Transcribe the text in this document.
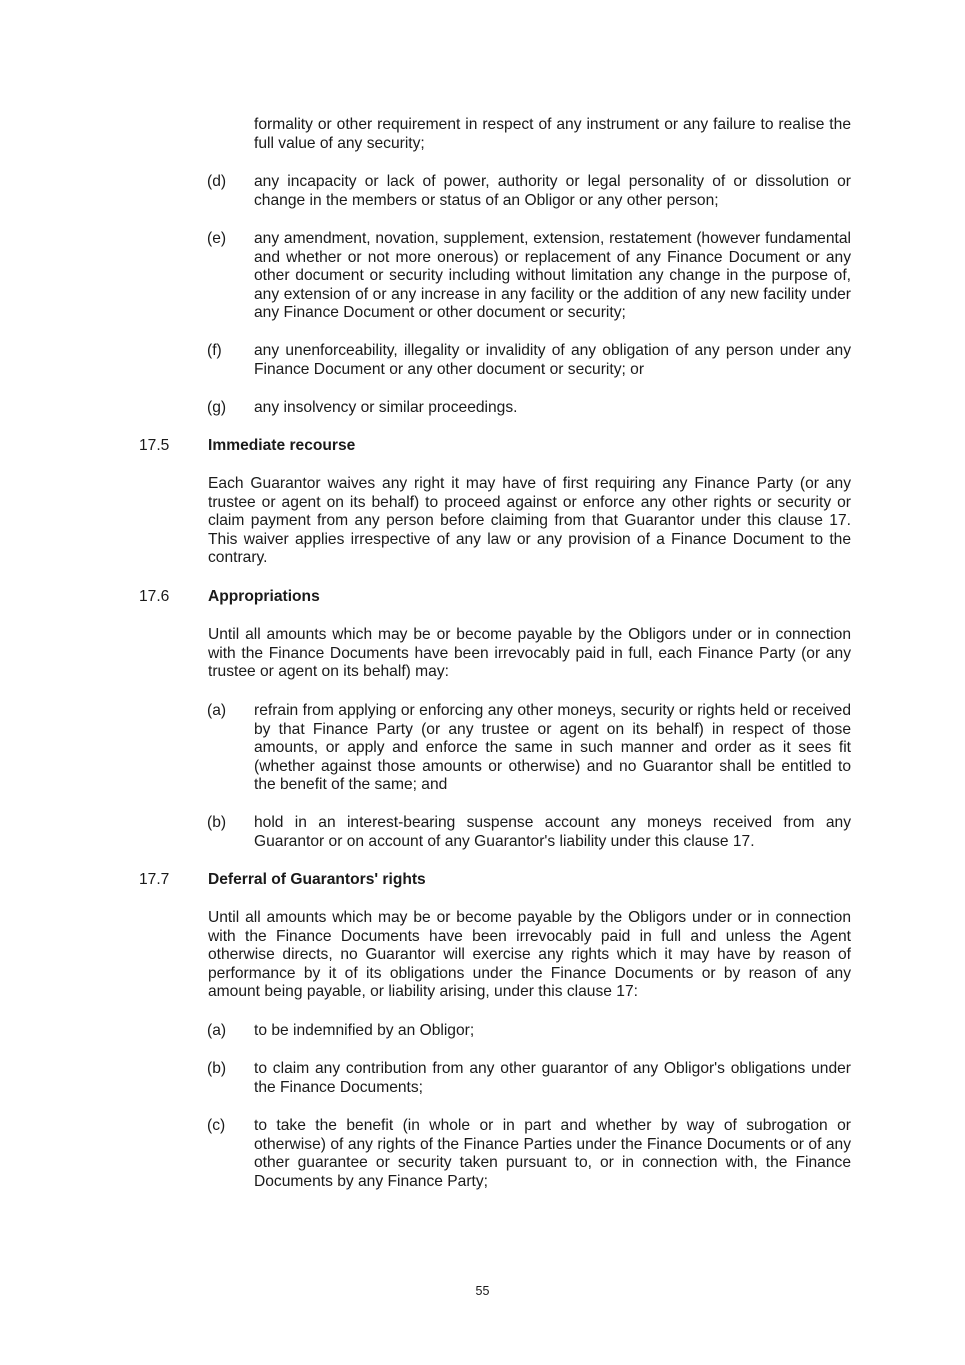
formality or other requirement in respect of any instrument or any failure to realise the full value of any security;

(d) any incapacity or lack of power, authority or legal personality of or dissolution or change in the members or status of an Obligor or any other person;

(e) any amendment, novation, supplement, extension, restatement (however fundamental and whether or not more onerous) or replacement of any Finance Document or any other document or security including without limitation any change in the purpose of, any extension of or any increase in any facility or the addition of any new facility under any Finance Document or other document or security;

(f) any unenforceability, illegality or invalidity of any obligation of any person under any Finance Document or any other document or security; or

(g) any insolvency or similar proceedings.

17.5 Immediate recourse

Each Guarantor waives any right it may have of first requiring any Finance Party (or any trustee or agent on its behalf) to proceed against or enforce any other rights or security or claim payment from any person before claiming from that Guarantor under this clause 17. This waiver applies irrespective of any law or any provision of a Finance Document to the contrary.

17.6 Appropriations

Until all amounts which may be or become payable by the Obligors under or in connection with the Finance Documents have been irrevocably paid in full, each Finance Party (or any trustee or agent on its behalf) may:

(a) refrain from applying or enforcing any other moneys, security or rights held or received by that Finance Party (or any trustee or agent on its behalf) in respect of those amounts, or apply and enforce the same in such manner and order as it sees fit (whether against those amounts or otherwise) and no Guarantor shall be entitled to the benefit of the same; and

(b) hold in an interest-bearing suspense account any moneys received from any Guarantor or on account of any Guarantor's liability under this clause 17.

17.7 Deferral of Guarantors' rights

Until all amounts which may be or become payable by the Obligors under or in connection with the Finance Documents have been irrevocably paid in full and unless the Agent otherwise directs, no Guarantor will exercise any rights which it may have by reason of performance by it of its obligations under the Finance Documents or by reason of any amount being payable, or liability arising, under this clause 17:

(a) to be indemnified by an Obligor;

(b) to claim any contribution from any other guarantor of any Obligor's obligations under the Finance Documents;

(c) to take the benefit (in whole or in part and whether by way of subrogation or otherwise) of any rights of the Finance Parties under the Finance Documents or of any other guarantee or security taken pursuant to, or in connection with, the Finance Documents by any Finance Party;

55
